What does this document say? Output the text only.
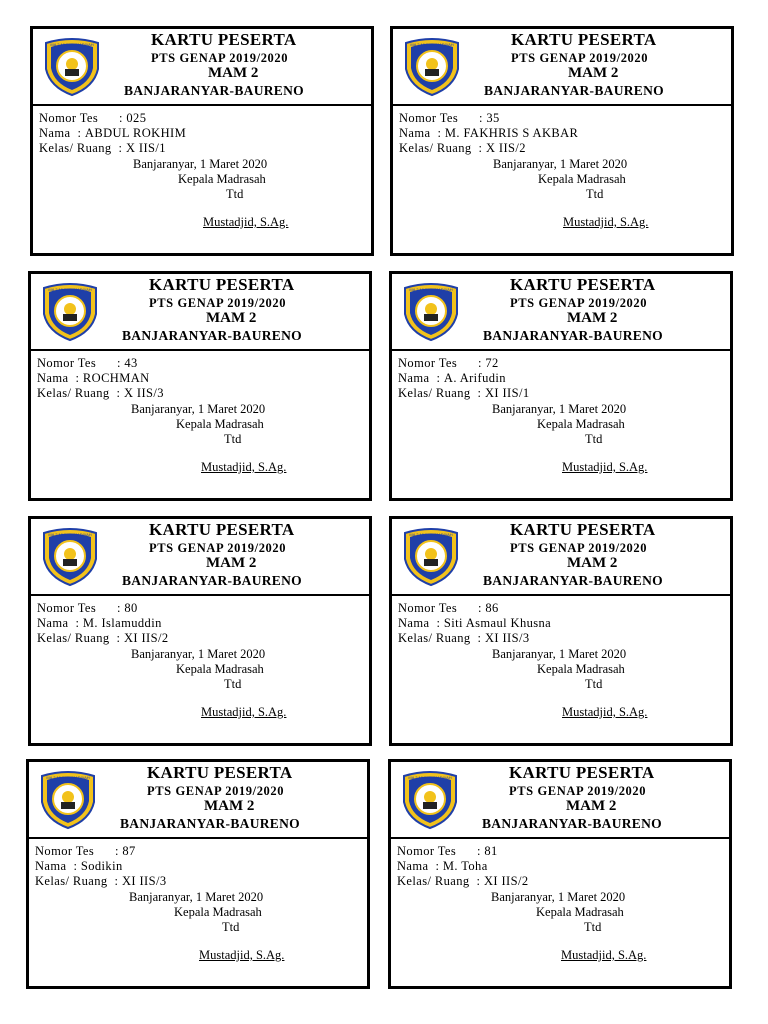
MA 2 MUHAMMADIYAH	KARTU PESERTA
PTS GENAP 2019/2020
MAM 2
BANJARANYAR-BAURENO
Nomor Tes : 025
Nama  : ABDUL ROKHIM
Kelas/ Ruang  : X IIS/1
Banjaranyar, 1 Maret 2020
Kepala Madrasah
Ttd
Mustadjid, S.Ag.
MA 2 MUHAMMADIYAH	KARTU PESERTA
PTS GENAP 2019/2020
MAM 2
BANJARANYAR-BAURENO
Nomor Tes : 35
Nama  : M. FAKHRIS S AKBAR
Kelas/ Ruang  : X IIS/2
Banjaranyar, 1 Maret 2020
Kepala Madrasah
Ttd
Mustadjid, S.Ag.
MA 2 MUHAMMADIYAH	KARTU PESERTA
PTS GENAP 2019/2020
MAM 2
BANJARANYAR-BAURENO
Nomor Tes : 43
Nama  : ROCHMAN
Kelas/ Ruang  : X IIS/3
Banjaranyar, 1 Maret 2020
Kepala Madrasah
Ttd
Mustadjid, S.Ag.
MA 2 MUHAMMADIYAH	KARTU PESERTA
PTS GENAP 2019/2020
MAM 2
BANJARANYAR-BAURENO
Nomor Tes : 72
Nama  : A. Arifudin
Kelas/ Ruang  : XI IIS/1
Banjaranyar, 1 Maret 2020
Kepala Madrasah
Ttd
Mustadjid, S.Ag.
MA 2 MUHAMMADIYAH	KARTU PESERTA
PTS GENAP 2019/2020
MAM 2
BANJARANYAR-BAURENO
Nomor Tes : 80
Nama  : M. Islamuddin
Kelas/ Ruang  : XI IIS/2
Banjaranyar, 1 Maret 2020
Kepala Madrasah
Ttd
Mustadjid, S.Ag.
MA 2 MUHAMMADIYAH	KARTU PESERTA
PTS GENAP 2019/2020
MAM 2
BANJARANYAR-BAURENO
Nomor Tes : 86
Nama  : Siti Asmaul Khusna
Kelas/ Ruang  : XI IIS/3
Banjaranyar, 1 Maret 2020
Kepala Madrasah
Ttd
Mustadjid, S.Ag.
MA 2 MUHAMMADIYAH	KARTU PESERTA
PTS GENAP 2019/2020
MAM 2
BANJARANYAR-BAURENO
Nomor Tes : 87
Nama  : Sodikin
Kelas/ Ruang  : XI IIS/3
Banjaranyar, 1 Maret 2020
Kepala Madrasah
Ttd
Mustadjid, S.Ag.
MA 2 MUHAMMADIYAH	KARTU PESERTA
PTS GENAP 2019/2020
MAM 2
BANJARANYAR-BAURENO
Nomor Tes : 81
Nama  : M. Toha
Kelas/ Ruang  : XI IIS/2
Banjaranyar, 1 Maret 2020
Kepala Madrasah
Ttd
Mustadjid, S.Ag.
